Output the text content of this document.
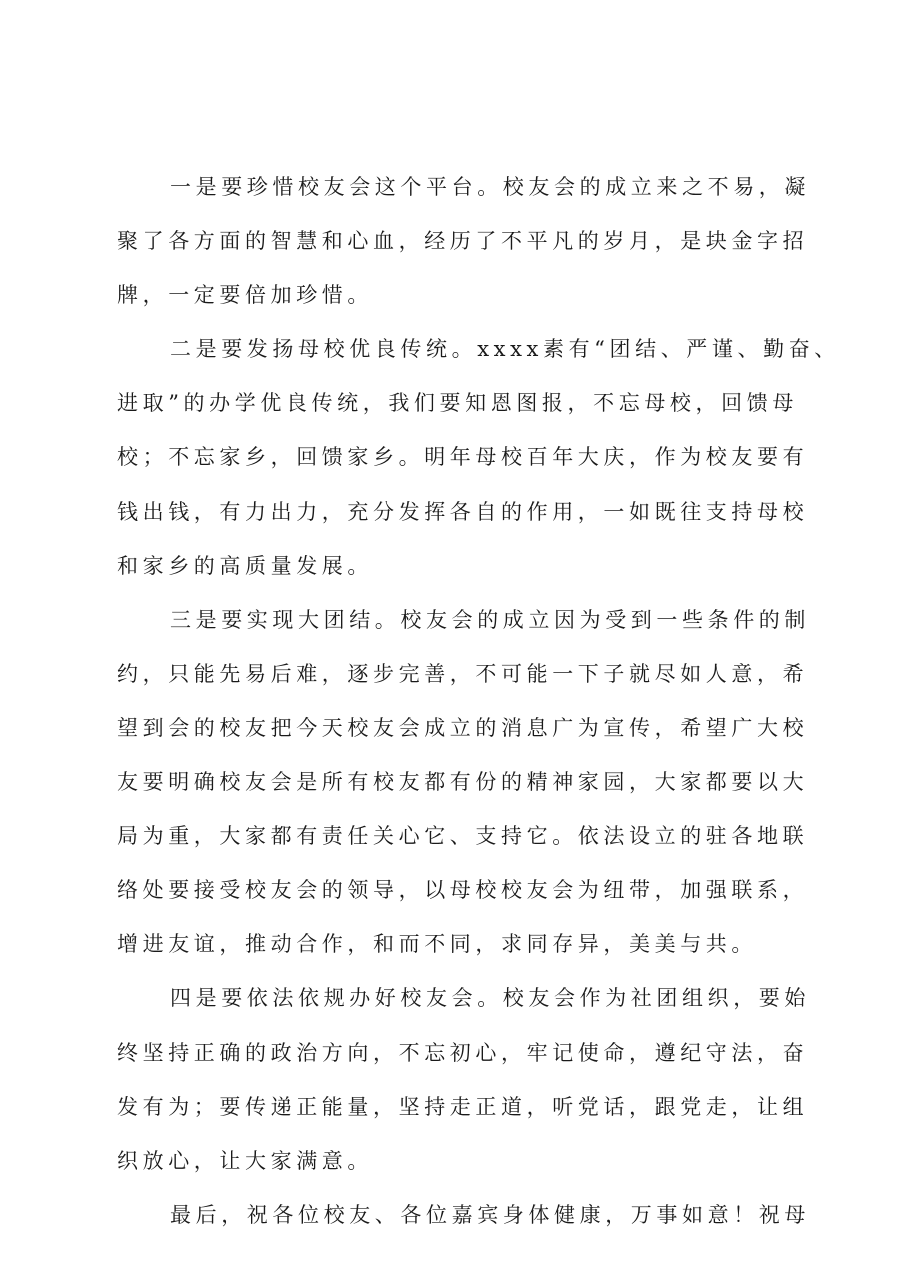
一是要珍惜校友会这个平台。校友会的成立来之不易，凝
聚了各方面的智慧和心血，经历了不平凡的岁月，是块金字招
牌，一定要倍加珍惜。
二是要发扬母校优良传统。xxxx素有“团结、严谨、勤奋、
进取”的办学优良传统，我们要知恩图报，不忘母校，回馈母
校；不忘家乡，回馈家乡。明年母校百年大庆，作为校友要有
钱出钱，有力出力，充分发挥各自的作用，一如既往支持母校
和家乡的高质量发展。
三是要实现大团结。校友会的成立因为受到一些条件的制
约，只能先易后难，逐步完善，不可能一下子就尽如人意，希
望到会的校友把今天校友会成立的消息广为宣传，希望广大校
友要明确校友会是所有校友都有份的精神家园，大家都要以大
局为重，大家都有责任关心它、支持它。依法设立的驻各地联
络处要接受校友会的领导，以母校校友会为纽带，加强联系，
增进友谊，推动合作，和而不同，求同存异，美美与共。
四是要依法依规办好校友会。校友会作为社团组织，要始
终坚持正确的政治方向，不忘初心，牢记使命，遵纪守法，奋
发有为；要传递正能量，坚持走正道，听党话，跟党走，让组
织放心，让大家满意。
最后，祝各位校友、各位嘉宾身体健康，万事如意！祝母
